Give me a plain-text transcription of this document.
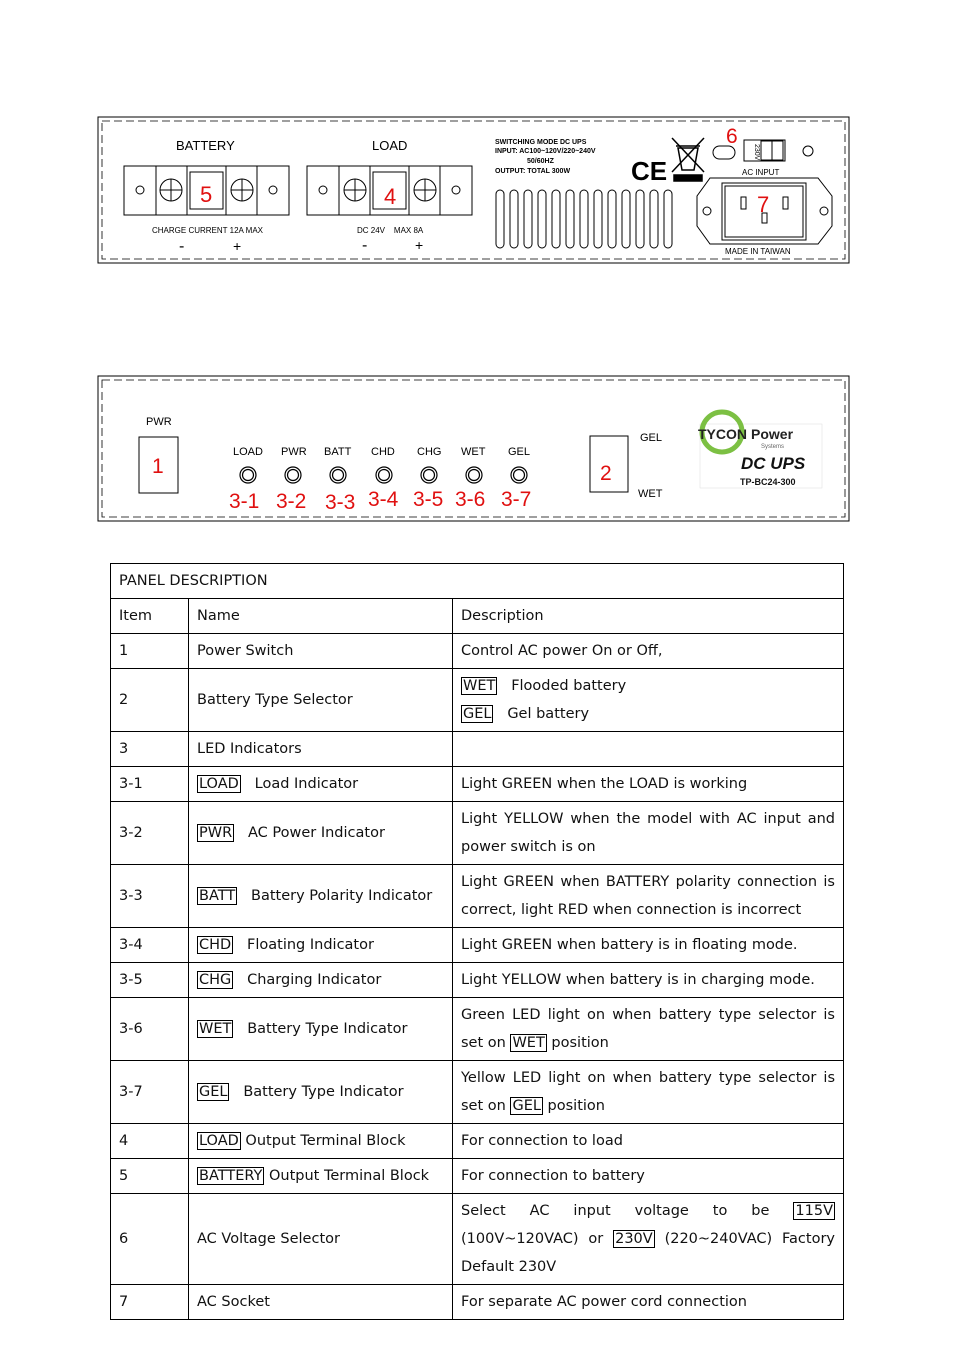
BATTERY	LOAD
5
CHARGE CURRENT 12A MAX
-	+
4
DC 24V    MAX 8A
-	+
SWITCHING MODE DC UPS
INPUT: AC100~120V/220~240V
50/60HZ
OUTPUT: TOTAL 300W CE
6
230V
AC INPUT
7
MADE IN TAIWAN
PWR
1
LOAD PWR BATT CHD CHG WET GEL
3-1 3-2 3-3 3-4 3-5 3-6 3-7
2
GEL
WET
TYCON Power
Systems
DC UPS
TP-BC24-300
PANEL DESCRIPTION		
Item	Name	Description
1	Power Switch	Control AC power On or Off,
2	Battery Type Selector	WET Flooded battery
GEL Gel battery

3	LED Indicators	
3-1	LOAD Load Indicator	Light GREEN when the LOAD is working
3-2	PWR AC Power Indicator	Light YELLOW when the model with AC input and power switch is on
3-3	BATT Battery Polarity Indicator	Light GREEN when BATTERY polarity connection is correct, light RED when connection is incorrect
3-4	CHD Floating Indicator	Light GREEN when battery is in floating mode.
3-5	CHG Charging Indicator	Light YELLOW when battery is in charging mode.
3-6	WET Battery Type Indicator	Green LED light on when battery type selector is set on WET position
3-7	GEL Battery Type Indicator	Yellow LED light on when battery type selector is set on GEL position
4	LOAD Output Terminal Block	For connection to load
5	BATTERY Output Terminal Block	For connection to battery
6	AC Voltage Selector	Select AC input voltage to be 115V (100V~120VAC) or 230V (220~240VAC) Factory Default 230V
7	AC Socket	For separate AC power cord connection
